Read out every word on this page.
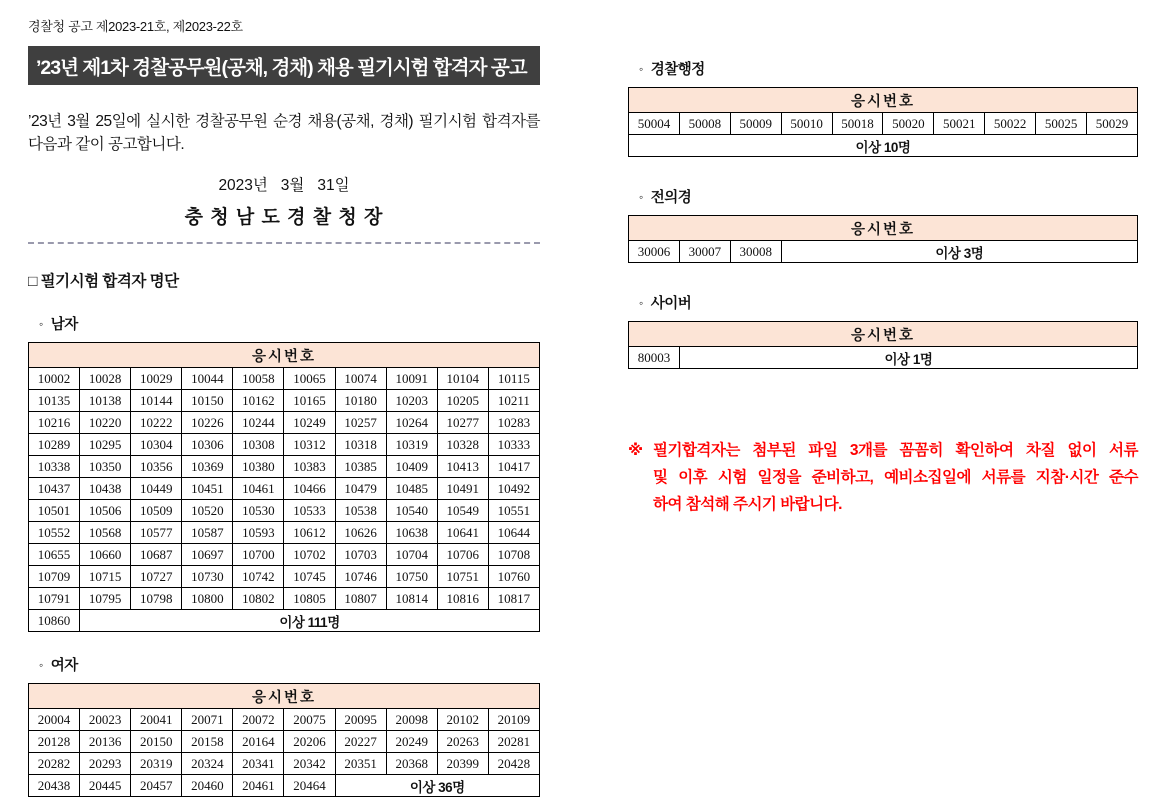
경찰청 공고 제2023-21호, 제2023-22호
’23년 제1차 경찰공무원(공채, 경채) 채용 필기시험 합격자 공고
’23년 3월 25일에 실시한 경찰공무원 순경 채용(공채, 경채) 필기시험 합격자를 다음과 같이 공고합니다.
2023년   3월   31일
충 청 남 도 경 찰 청 장
□ 필기시험 합격자 명단
◦ 남자
응시번호									
10002	10028	10029	10044	10058	10065	10074	10091	10104	10115
10135	10138	10144	10150	10162	10165	10180	10203	10205	10211
10216	10220	10222	10226	10244	10249	10257	10264	10277	10283
10289	10295	10304	10306	10308	10312	10318	10319	10328	10333
10338	10350	10356	10369	10380	10383	10385	10409	10413	10417
10437	10438	10449	10451	10461	10466	10479	10485	10491	10492
10501	10506	10509	10520	10530	10533	10538	10540	10549	10551
10552	10568	10577	10587	10593	10612	10626	10638	10641	10644
10655	10660	10687	10697	10700	10702	10703	10704	10706	10708
10709	10715	10727	10730	10742	10745	10746	10750	10751	10760
10791	10795	10798	10800	10802	10805	10807	10814	10816	10817
10860	이상 111명								
◦ 여자
응시번호									
20004	20023	20041	20071	20072	20075	20095	20098	20102	20109
20128	20136	20150	20158	20164	20206	20227	20249	20263	20281
20282	20293	20319	20324	20341	20342	20351	20368	20399	20428
20438	20445	20457	20460	20461	20464	이상 36명			
◦ 경찰행정
응시번호
50004	50008	50009	50010	50018	50020	50021	50022	50025	50029
이상 10명
◦ 전의경
응시번호
30006	30007	30008	이상 3명
◦ 사이버
응시번호
80003	이상 1명
※ 필기합격자는 첨부된 파일 3개를 꼼꼼히 확인하여 차질 없이 서류
및 이후 시험 일정을 준비하고, 예비소집일에 서류를 지참·시간 준수
하여 참석해 주시기 바랍니다.
